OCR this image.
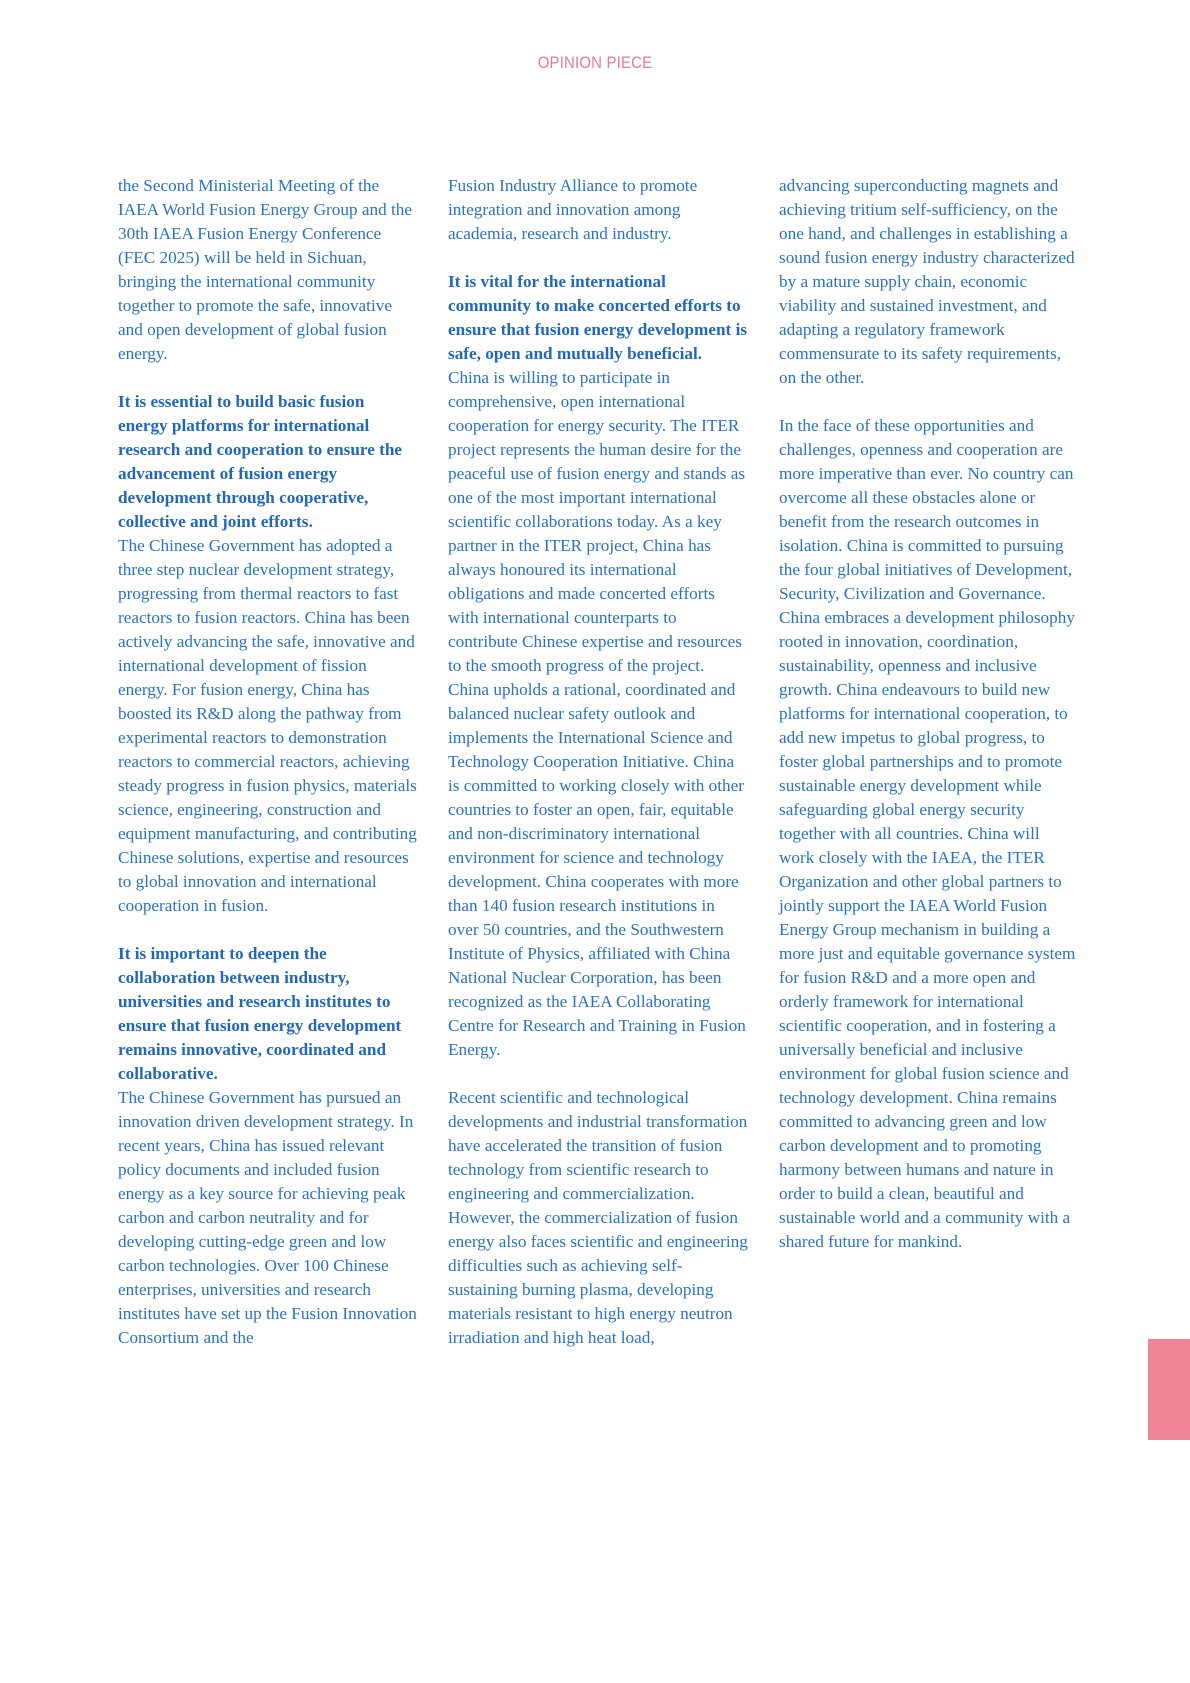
OPINION PIECE

the Second Ministerial Meeting of the IAEA World Fusion Energy Group and the 30th IAEA Fusion Energy Conference (FEC 2025) will be held in Sichuan, bringing the international community together to promote the safe, innovative and open development of global fusion energy.

It is essential to build basic fusion energy platforms for international research and cooperation to ensure the advancement of fusion energy development through cooperative, collective and joint efforts.
The Chinese Government has adopted a three step nuclear development strategy, progressing from thermal reactors to fast reactors to fusion reactors. China has been actively advancing the safe, innovative and international development of fission energy. For fusion energy, China has boosted its R&D along the pathway from experimental reactors to demonstration reactors to commercial reactors, achieving steady progress in fusion physics, materials science, engineering, construction and equipment manufacturing, and contributing Chinese solutions, expertise and resources to global innovation and international cooperation in fusion.

It is important to deepen the collaboration between industry, universities and research institutes to ensure that fusion energy development remains innovative, coordinated and collaborative.
The Chinese Government has pursued an innovation driven development strategy. In recent years, China has issued relevant policy documents and included fusion energy as a key source for achieving peak carbon and carbon neutrality and for developing cutting-edge green and low carbon technologies. Over 100 Chinese enterprises, universities and research institutes have set up the Fusion Innovation Consortium and the

Fusion Industry Alliance to promote integration and innovation among academia, research and industry.

It is vital for the international community to make concerted efforts to ensure that fusion energy development is safe, open and mutually beneficial.
China is willing to participate in comprehensive, open international cooperation for energy security. The ITER project represents the human desire for the peaceful use of fusion energy and stands as one of the most important international scientific collaborations today. As a key partner in the ITER project, China has always honoured its international obligations and made concerted efforts with international counterparts to contribute Chinese expertise and resources to the smooth progress of the project. China upholds a rational, coordinated and balanced nuclear safety outlook and implements the International Science and Technology Cooperation Initiative. China is committed to working closely with other countries to foster an open, fair, equitable and non-discriminatory international environment for science and technology development. China cooperates with more than 140 fusion research institutions in over 50 countries, and the Southwestern Institute of Physics, affiliated with China National Nuclear Corporation, has been recognized as the IAEA Collaborating Centre for Research and Training in Fusion Energy.

Recent scientific and technological developments and industrial transformation have accelerated the transition of fusion technology from scientific research to engineering and commercialization. However, the commercialization of fusion energy also faces scientific and engineering difficulties such as achieving self-sustaining burning plasma, developing materials resistant to high energy neutron irradiation and high heat load,

advancing superconducting magnets and achieving tritium self-sufficiency, on the one hand, and challenges in establishing a sound fusion energy industry characterized by a mature supply chain, economic viability and sustained investment, and adapting a regulatory framework commensurate to its safety requirements, on the other.

In the face of these opportunities and challenges, openness and cooperation are more imperative than ever. No country can overcome all these obstacles alone or benefit from the research outcomes in isolation. China is committed to pursuing the four global initiatives of Development, Security, Civilization and Governance. China embraces a development philosophy rooted in innovation, coordination, sustainability, openness and inclusive growth. China endeavours to build new platforms for international cooperation, to add new impetus to global progress, to foster global partnerships and to promote sustainable energy development while safeguarding global energy security together with all countries. China will work closely with the IAEA, the ITER Organization and other global partners to jointly support the IAEA World Fusion Energy Group mechanism in building a more just and equitable governance system for fusion R&D and a more open and orderly framework for international scientific cooperation, and in fostering a universally beneficial and inclusive environment for global fusion science and technology development. China remains committed to advancing green and low carbon development and to promoting harmony between humans and nature in order to build a clean, beautiful and sustainable world and a community with a shared future for mankind.
